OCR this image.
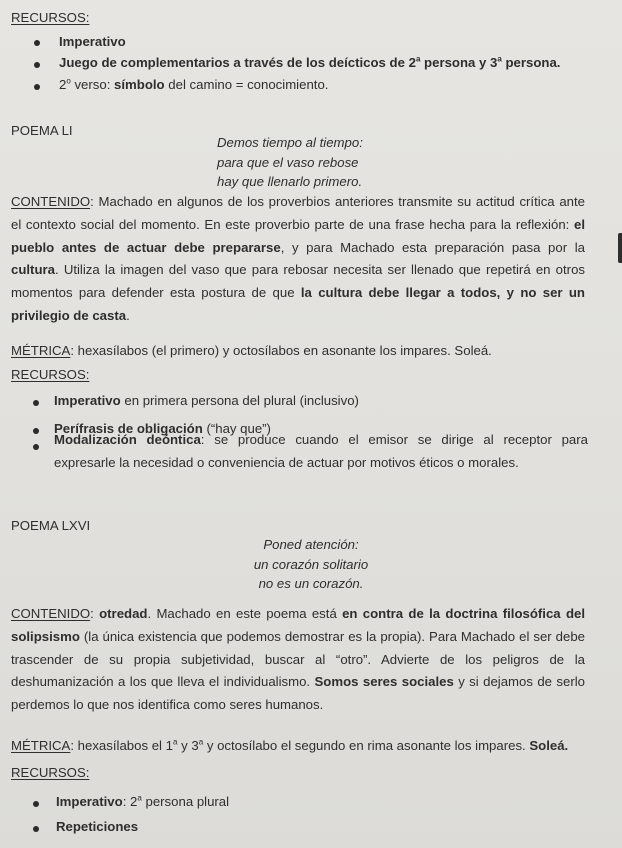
RECURSOS:
Imperativo
Juego de complementarios a través de los deícticos de 2$^a$ persona y 3$^a$ persona.
2$^o$ verso: símbolo del camino = conocimiento.
POEMA LI
Demos tiempo al tiempo:
para que el vaso rebose
hay que llenarlo primero.
CONTENIDO: Machado en algunos de los proverbios anteriores transmite su actitud crítica ante
el contexto social del momento. En este proverbio parte de una frase hecha para la reflexión: el
pueblo antes de actuar debe prepararse, y para Machado esta preparación pasa por la
cultura. Utiliza la imagen del vaso que para rebosar necesita ser llenado que repetirá en otros
momentos para defender esta postura de que la cultura debe llegar a todos, y no ser un
privilegio de casta.
MÉTRICA: hexasílabos (el primero) y octosílabos en asonante los impares. Soleá.
RECURSOS:
Imperativo en primera persona del plural (inclusivo)
Perífrasis de obligación (“hay que”)
Modalización deóntica: se produce cuando el emisor se dirige al receptor para
expresarle la necesidad o conveniencia de actuar por motivos éticos o morales.
POEMA LXVI
Poned atención:
un corazón solitario
no es un corazón.
CONTENIDO: otredad. Machado en este poema está en contra de la doctrina filosófica del
solipsismo (la única existencia que podemos demostrar es la propia). Para Machado el ser debe
trascender de su propia subjetividad, buscar al “otro”. Advierte de los peligros de la
deshumanización a los que lleva el individualismo. Somos seres sociales y si dejamos de serlo
perdemos lo que nos identifica como seres humanos.
MÉTRICA: hexasílabos el 1$^a$ y 3$^a$ y octosílabo el segundo en rima asonante los impares. Soleá.
RECURSOS:
Imperativo: 2$^a$ persona plural
Repeticiones
